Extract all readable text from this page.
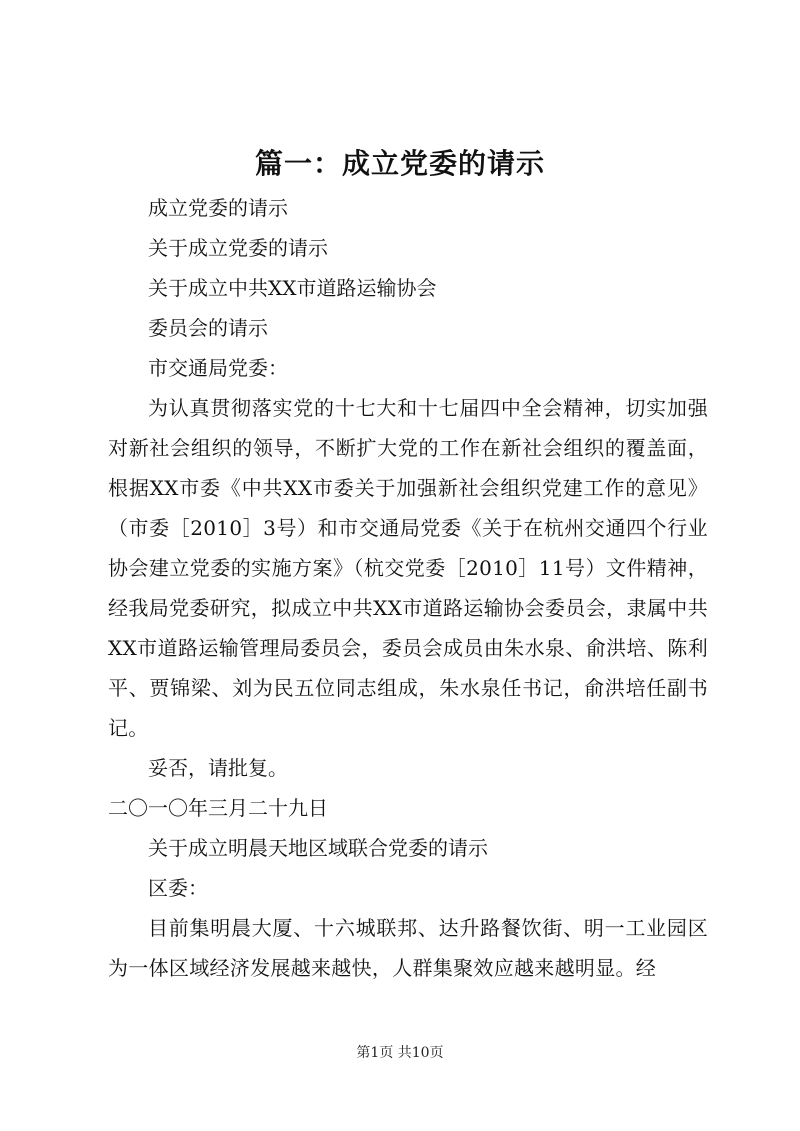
篇一：成立党委的请示

成立党委的请示

关于成立党委的请示

关于成立中共XX市道路运输协会

委员会的请示

市交通局党委：

为认真贯彻落实党的十七大和十七届四中全会精神，切实加强对新社会组织的领导，不断扩大党的工作在新社会组织的覆盖面，根据XX市委《中共XX市委关于加强新社会组织党建工作的意见》（市委［2010］3号）和市交通局党委《关于在杭州交通四个行业协会建立党委的实施方案》（杭交党委［2010］11号）文件精神，经我局党委研究，拟成立中共XX市道路运输协会委员会，隶属中共XX市道路运输管理局委员会，委员会成员由朱水泉、俞洪培、陈利平、贾锦梁、刘为民五位同志组成，朱水泉任书记，俞洪培任副书记。

妥否，请批复。

二〇一〇年三月二十九日

关于成立明晨天地区域联合党委的请示

区委：

目前集明晨大厦、十六城联邦、达升路餐饮街、明一工业园区为一体区域经济发展越来越快，人群集聚效应越来越明显。经

第1页 共10页
